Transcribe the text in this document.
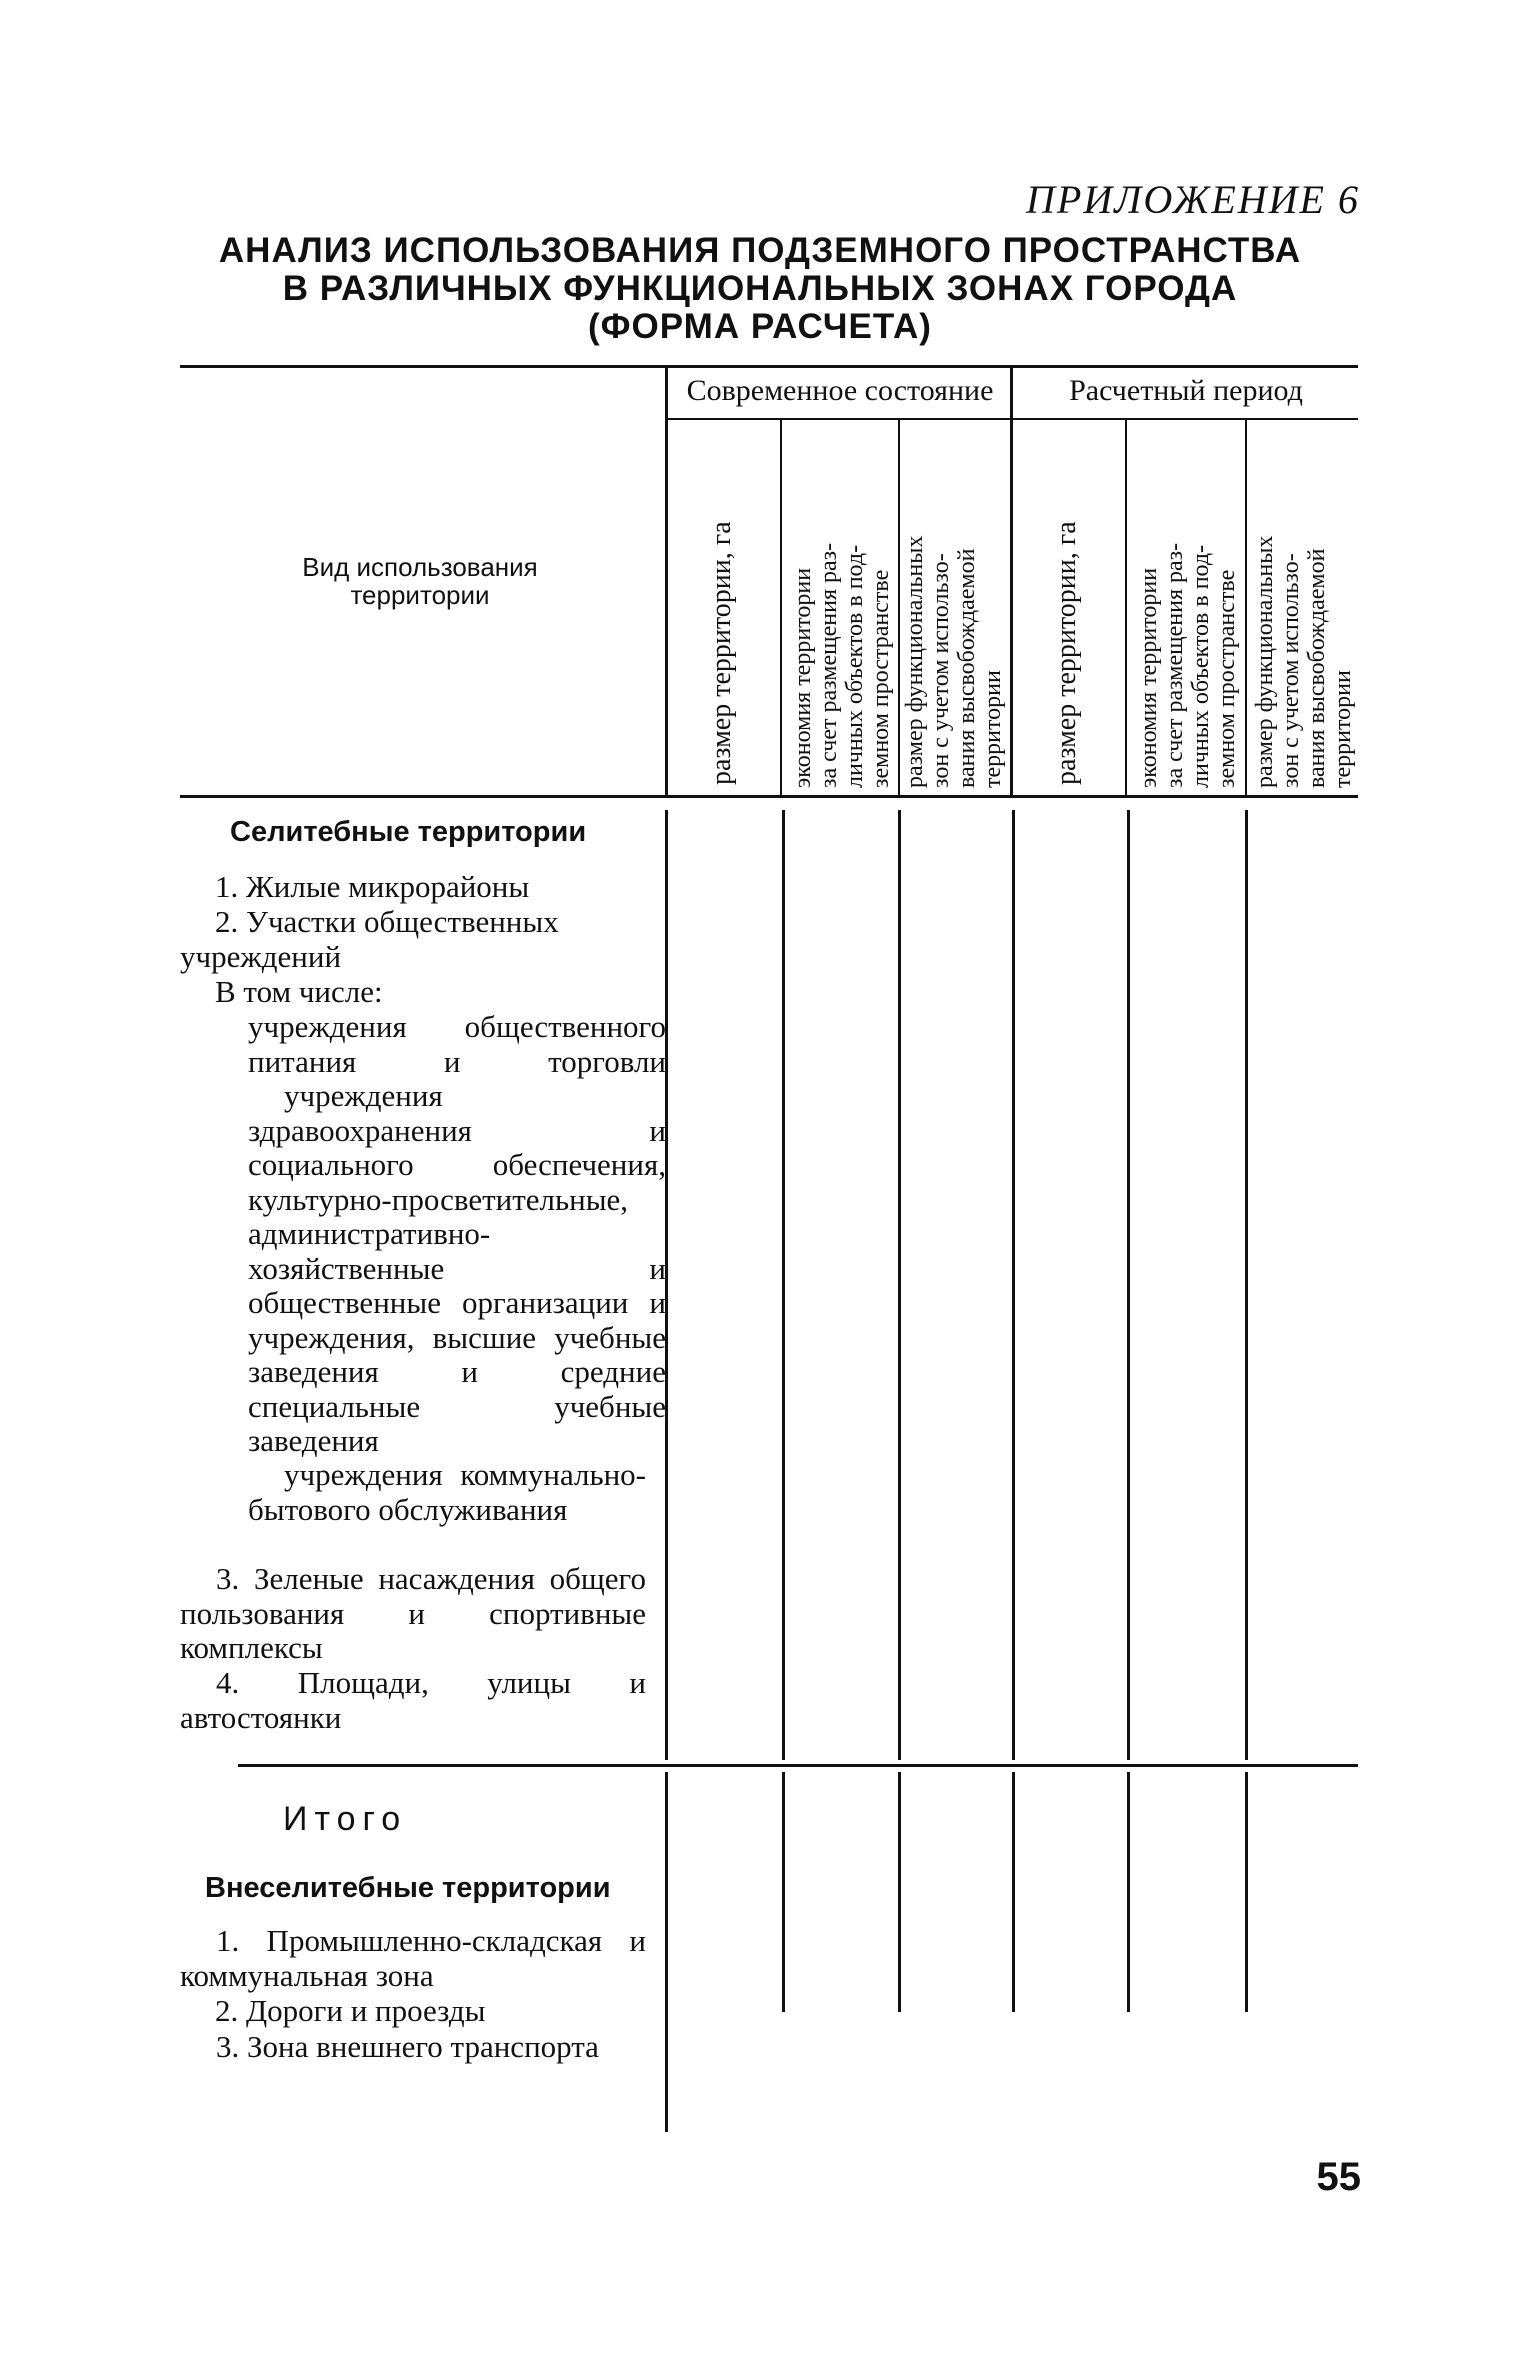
ПРИЛОЖЕНИЕ 6
АНАЛИЗ ИСПОЛЬЗОВАНИЯ ПОДЗЕМНОГО ПРОСТРАНСТВА
В РАЗЛИЧНЫХ ФУНКЦИОНАЛЬНЫХ ЗОНАХ ГОРОДА
(ФОРМА РАСЧЕТА)
Современное состояние	Расчетный период
Вид использования
территории	размер территории, га экономия территории за счет размещения раз- личных объектов в под- земном пространстве размер функциональных зон с учетом использо- вания высвобождаемой территории размер территории, га экономия территории за счет размещения раз- личных объектов в под- земном пространстве размер функциональных зон с учетом использо- вания высвобождаемой территории
Селитебные территории
1. Жилые микрорайоны
2. Участки общественных
учреждений
В том числе:
учреждения общественного питания и торговли
учреждения здравоохранения и социального обеспечения, культурно-просветительные, административно-хозяйственные и общественные организации и учреждения, высшие учебные заведения и средние специальные учебные заведения
учреждения коммунально-бытового обслуживания
3. Зеленые насаждения общего пользования и спортивные комплексы
4. Площади, улицы и автостоянки
Итого
Внеселитебные территории
1. Промышленно-складская и коммунальная зона
2. Дороги и проезды
3. Зона внешнего транспорта
55
